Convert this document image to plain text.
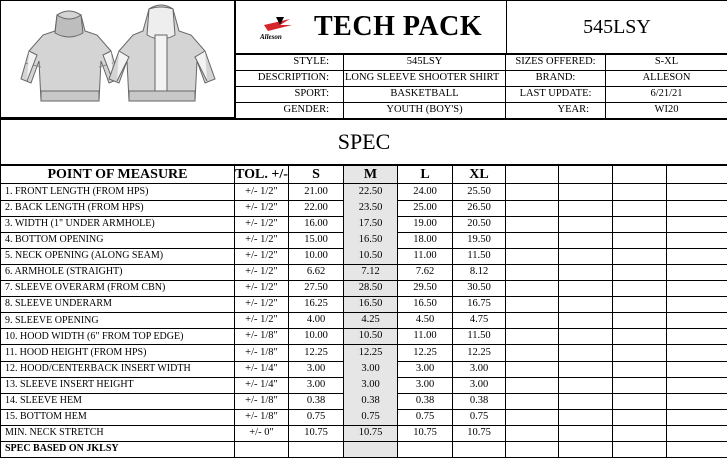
Alleson TECH PACK	545LSY
STYLE:	545LSY	SIZES OFFERED:	S-XL
DESCRIPTION:	LONG SLEEVE SHOOTER SHIRT	BRAND:	ALLESON
SPORT:	BASKETBALL	LAST UPDATE:	6/21/21
GENDER:	YOUTH (BOY'S)	YEAR:	WI20
SPEC
POINT OF MEASURE	TOL. +/-	S	M	L	XL
1. FRONT LENGTH (FROM HPS)	+/- 1/2"	21.00	22.50	24.00	25.50
2. BACK LENGTH (FROM HPS)	+/- 1/2"	22.00	23.50	25.00	26.50
3. WIDTH (1" UNDER ARMHOLE)	+/- 1/2"	16.00	17.50	19.00	20.50
4. BOTTOM OPENING	+/- 1/2"	15.00	16.50	18.00	19.50
5. NECK OPENING (ALONG SEAM)	+/- 1/2"	10.00	10.50	11.00	11.50
6. ARMHOLE (STRAIGHT)	+/- 1/2"	6.62	7.12	7.62	8.12
7. SLEEVE OVERARM (FROM CBN)	+/- 1/2"	27.50	28.50	29.50	30.50
8. SLEEVE UNDERARM	+/- 1/2"	16.25	16.50	16.50	16.75
9. SLEEVE OPENING	+/- 1/2"	4.00	4.25	4.50	4.75
10. HOOD WIDTH (6" FROM TOP EDGE)	+/- 1/8"	10.00	10.50	11.00	11.50
11. HOOD HEIGHT (FROM HPS)	+/- 1/8"	12.25	12.25	12.25	12.25
12. HOOD/CENTERBACK INSERT WIDTH	+/- 1/4"	3.00	3.00	3.00	3.00
13. SLEEVE INSERT HEIGHT	+/- 1/4"	3.00	3.00	3.00	3.00
14. SLEEVE HEM	+/- 1/8"	0.38	0.38	0.38	0.38
15. BOTTOM HEM	+/- 1/8"	0.75	0.75	0.75	0.75
MIN. NECK STRETCH	+/- 0"	10.75	10.75	10.75	10.75
SPEC BASED ON JKLSY
